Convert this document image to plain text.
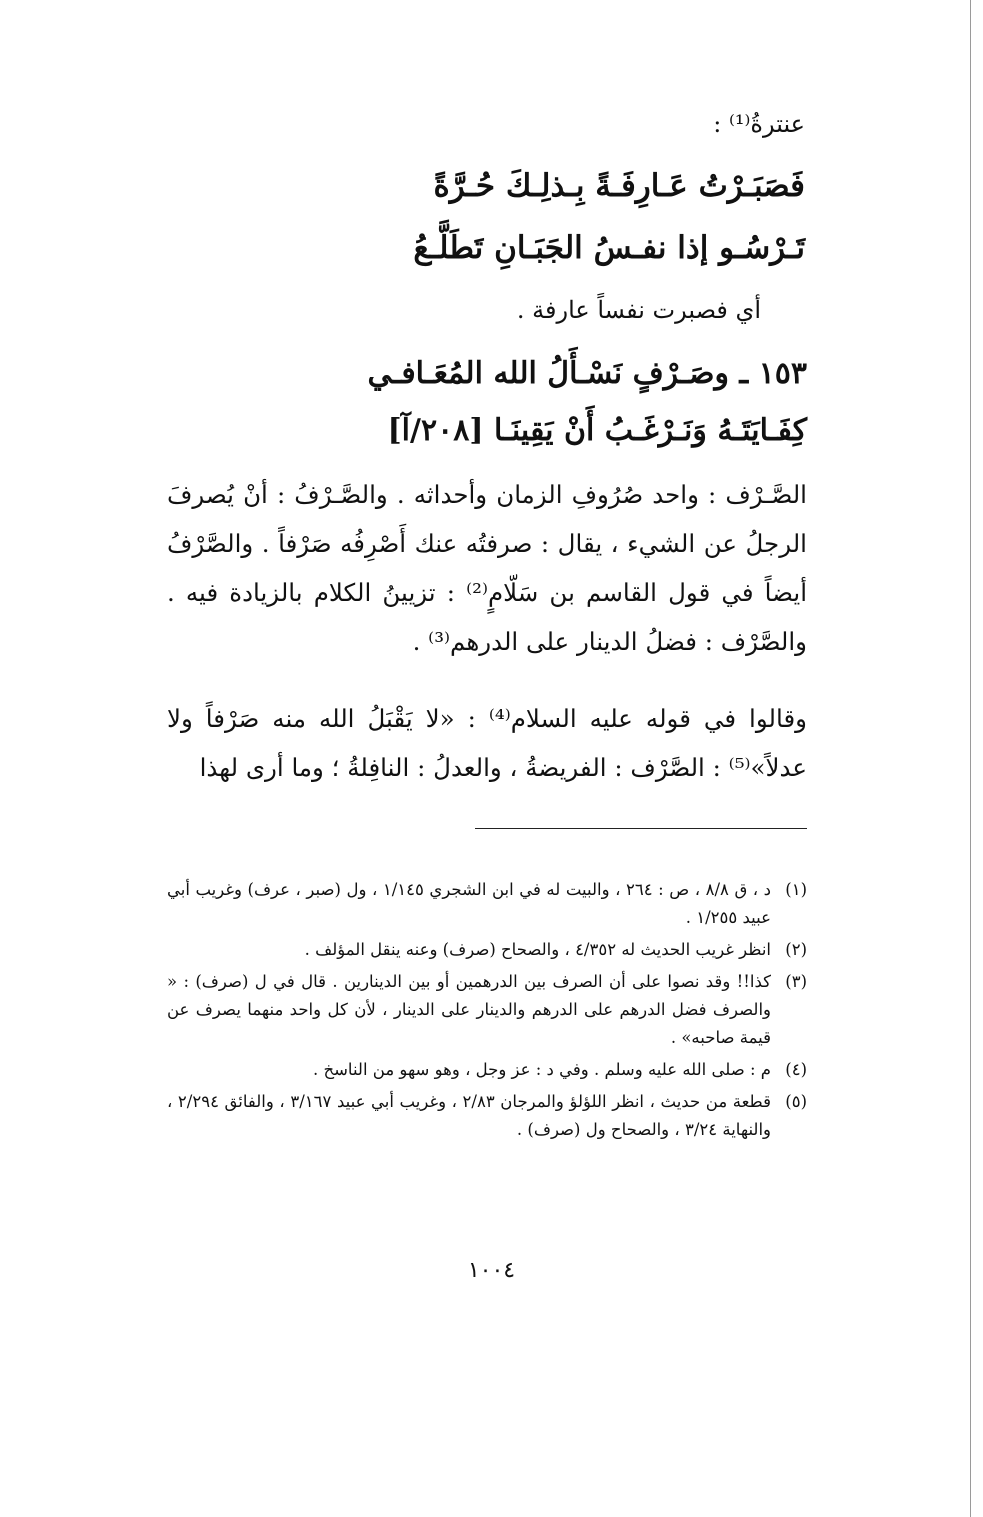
عنترةُ⁽¹⁾ :
فَصَبَـرْتُ عَـارِفَـةً بِـذلِـكَ حُـرَّةً
تَـرْسُـو إذا نفـسُ الجَبَـانِ تَطَلَّـعُ
أي فصبرت نفساً عارفة .
١٥٣ ـ وصَـرْفٍ نَسْـأَلُ الله المُعَـافـي
كِفَـايَتَـهُ وَنَـرْغَـبُ أَنْ يَقِينَـا [٢٠٨/آ]
الصَّـرْف : واحد صُرُوفِ الزمان وأحداثه . والصَّـرْفُ : أنْ يُصرفَ الرجلُ عن الشيء ، يقال : صرفتُه عنك أَصْرِفُه صَرْفاً . والصَّرْفُ أيضاً في قول القاسم بن سَلّامٍ⁽²⁾ : تزيينُ الكلام بالزيادة فيه . والصَّرْف : فضلُ الدينار على الدرهم⁽³⁾ .
وقالوا في قوله عليه السلام⁽⁴⁾ : «لا يَقْبَلُ الله منه صَرْفاً ولا عدلاً»⁽⁵⁾ : الصَّرْف : الفريضةُ ، والعدلُ : النافِلةُ ؛ وما أرى لهذا
(١)
د ، ق ٨/٨ ، ص : ٢٦٤ ، والبيت له في ابن الشجري ١/١٤٥ ، ول (صبر ، عرف) وغريب أبي عبيد ١/٢٥٥ .
(٢)
انظر غريب الحديث له ٤/٣٥٢ ، والصحاح (صرف) وعنه ينقل المؤلف .
(٣)
كذا!! وقد نصوا على أن الصرف بين الدرهمين أو بين الدينارين . قال في ل (صرف) : « والصرف فضل الدرهم على الدرهم والدينار على الدينار ، لأن كل واحد منهما يصرف عن قيمة صاحبه» .
(٤)
م : صلى الله عليه وسلم . وفي د : عز وجل ، وهو سهو من الناسخ .
(٥)
قطعة من حديث ، انظر اللؤلؤ والمرجان ٢/٨٣ ، وغريب أبي عبيد ٣/١٦٧ ، والفائق ٢/٢٩٤ ، والنهاية ٣/٢٤ ، والصحاح ول (صرف) .
١٠٠٤
